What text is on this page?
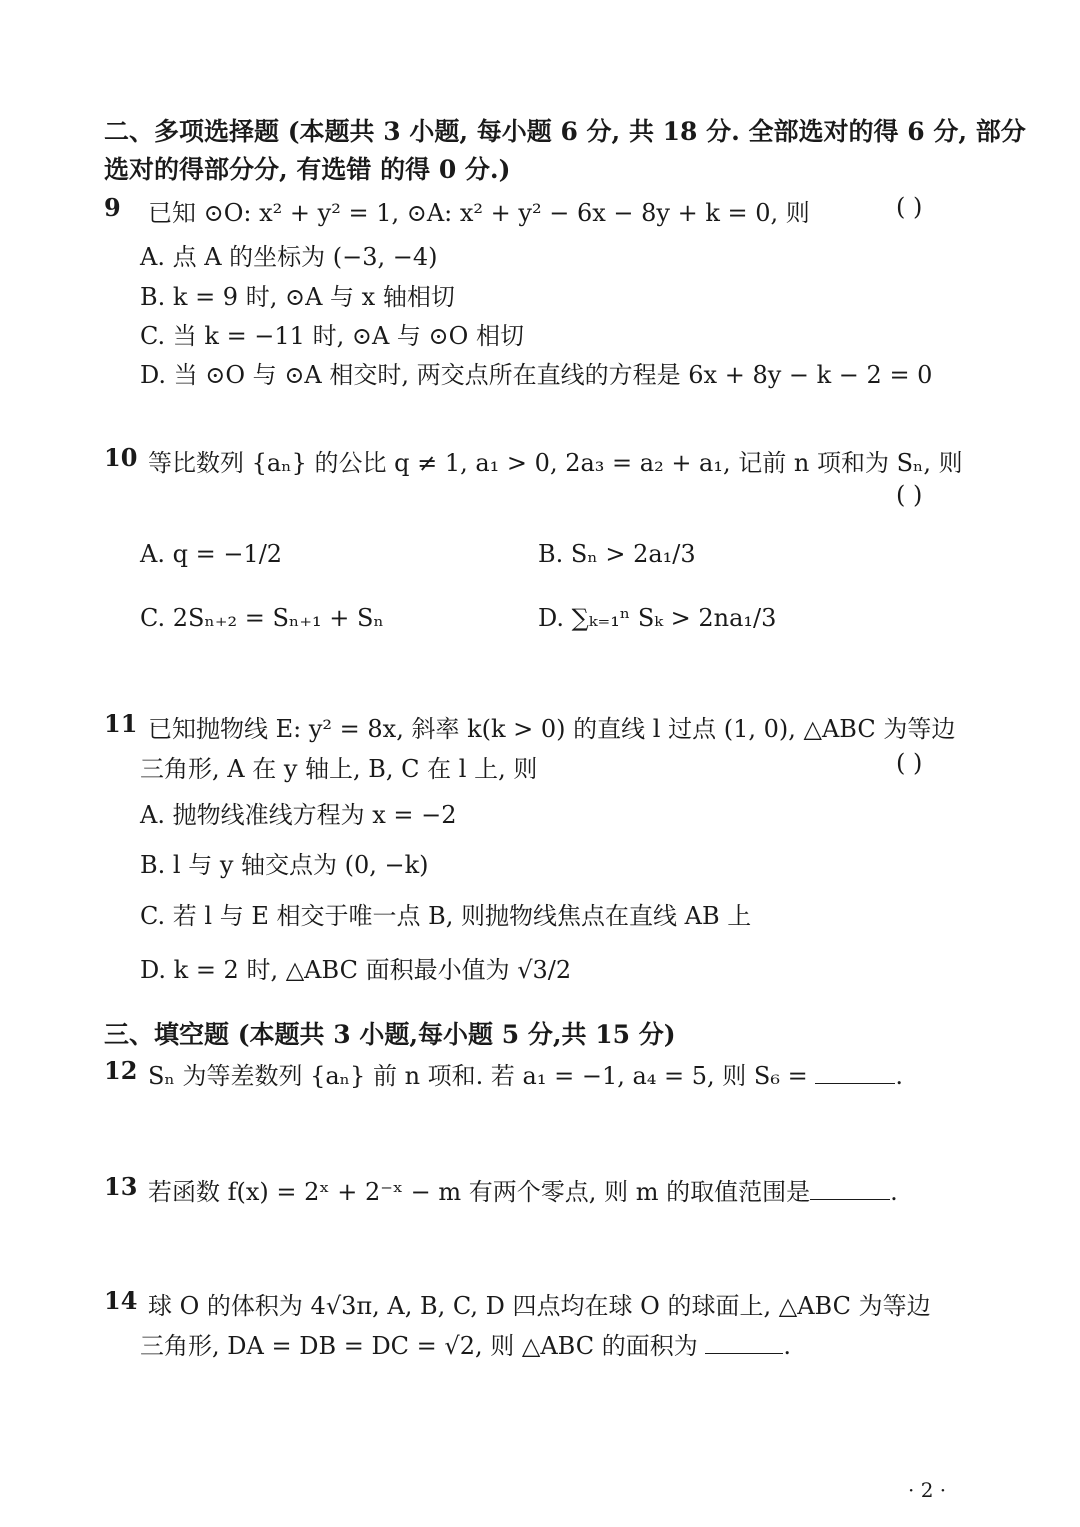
二、多项选择题 (本题共 3 小题, 每小题 6 分, 共 18 分. 全部选对的得 6 分, 部分
选对的得部分分, 有选错 的得 0 分.)
9 已知 ⊙O: x² + y² = 1, ⊙A: x² + y² − 6x − 8y + k = 0, 则	( )
A. 点 A 的坐标为 (−3, −4)
B. k = 9 时, ⊙A 与 x 轴相切
C. 当 k = −11 时, ⊙A 与 ⊙O 相切
D. 当 ⊙O 与 ⊙A 相交时, 两交点所在直线的方程是 6x + 8y − k − 2 = 0
10 等比数列 {aₙ} 的公比 q ≠ 1, a₁ > 0, 2a₃ = a₂ + a₁, 记前 n 项和为 Sₙ, 则
( )
A. q = −1/2	B. Sₙ > 2a₁/3
C. 2Sₙ₊₂ = Sₙ₊₁ + Sₙ	D. ∑ₖ₌₁ⁿ Sₖ > 2na₁/3
11 已知抛物线 E: y² = 8x, 斜率 k(k > 0) 的直线 l 过点 (1, 0), △ABC 为等边
三角形, A 在 y 轴上, B, C 在 l 上, 则	( )
A. 抛物线准线方程为 x = −2
B. l 与 y 轴交点为 (0, −k)
C. 若 l 与 E 相交于唯一点 B, 则抛物线焦点在直线 AB 上
D. k = 2 时, △ABC 面积最小值为 √3/2
三、填空题 (本题共 3 小题,每小题 5 分,共 15 分)
12 Sₙ 为等差数列 {aₙ} 前 n 项和. 若 a₁ = −1, a₄ = 5, 则 S₆ =	.
13 若函数 f(x) = 2ˣ + 2⁻ˣ − m 有两个零点, 则 m 的取值范围是	.
14 球 O 的体积为 4√3π, A, B, C, D 四点均在球 O 的球面上, △ABC 为等边
三角形, DA = DB = DC = √2, 则 △ABC 的面积为	.
· 2 ·
